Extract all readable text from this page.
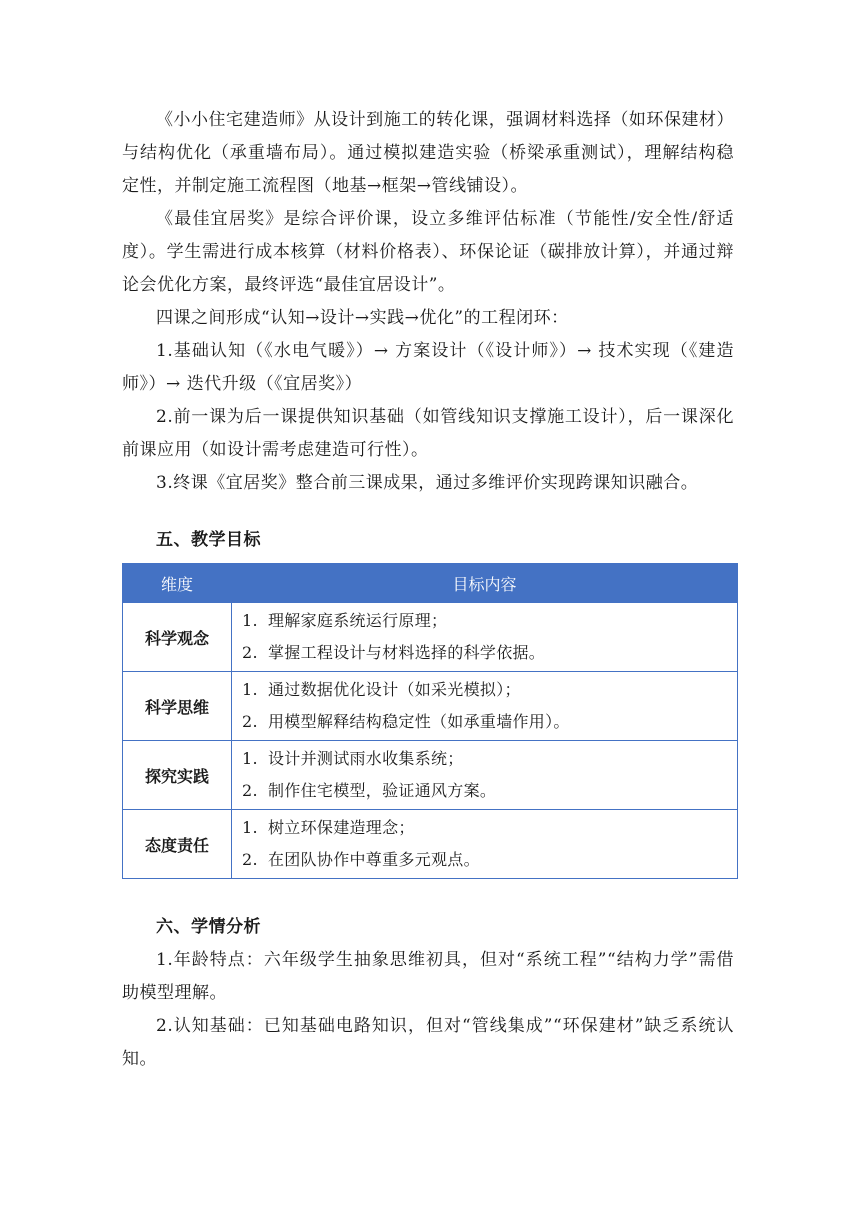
《小小住宅建造师》从设计到施工的转化课，强调材料选择（如环保建材）与结构优化（承重墙布局）。通过模拟建造实验（桥梁承重测试），理解结构稳定性，并制定施工流程图（地基→框架→管线铺设）。

《最佳宜居奖》是综合评价课，设立多维评估标准（节能性/安全性/舒适度）。学生需进行成本核算（材料价格表）、环保论证（碳排放计算），并通过辩论会优化方案，最终评选“最佳宜居设计”。

四课之间形成“认知→设计→实践→优化”的工程闭环：

1.基础认知（《水电气暖》）→ 方案设计（《设计师》）→ 技术实现（《建造师》）→ 迭代升级（《宜居奖》）

2.前一课为后一课提供知识基础（如管线知识支撑施工设计），后一课深化前课应用（如设计需考虑建造可行性）。

3.终课《宜居奖》整合前三课成果，通过多维评价实现跨课知识融合。

五、教学目标
维度	目标内容
科学观念	1. 理解家庭系统运行原理；
2. 掌握工程设计与材料选择的科学依据。

科学思维	1. 通过数据优化设计（如采光模拟）；
2. 用模型解释结构稳定性（如承重墙作用）。

探究实践	1. 设计并测试雨水收集系统；
2. 制作住宅模型，验证通风方案。

态度责任	1. 树立环保建造理念；
2. 在团队协作中尊重多元观点。
六、学情分析

1.年龄特点：六年级学生抽象思维初具，但对“系统工程”“结构力学”需借助模型理解。

2.认知基础：已知基础电路知识，但对“管线集成”“环保建材”缺乏系统认知。
